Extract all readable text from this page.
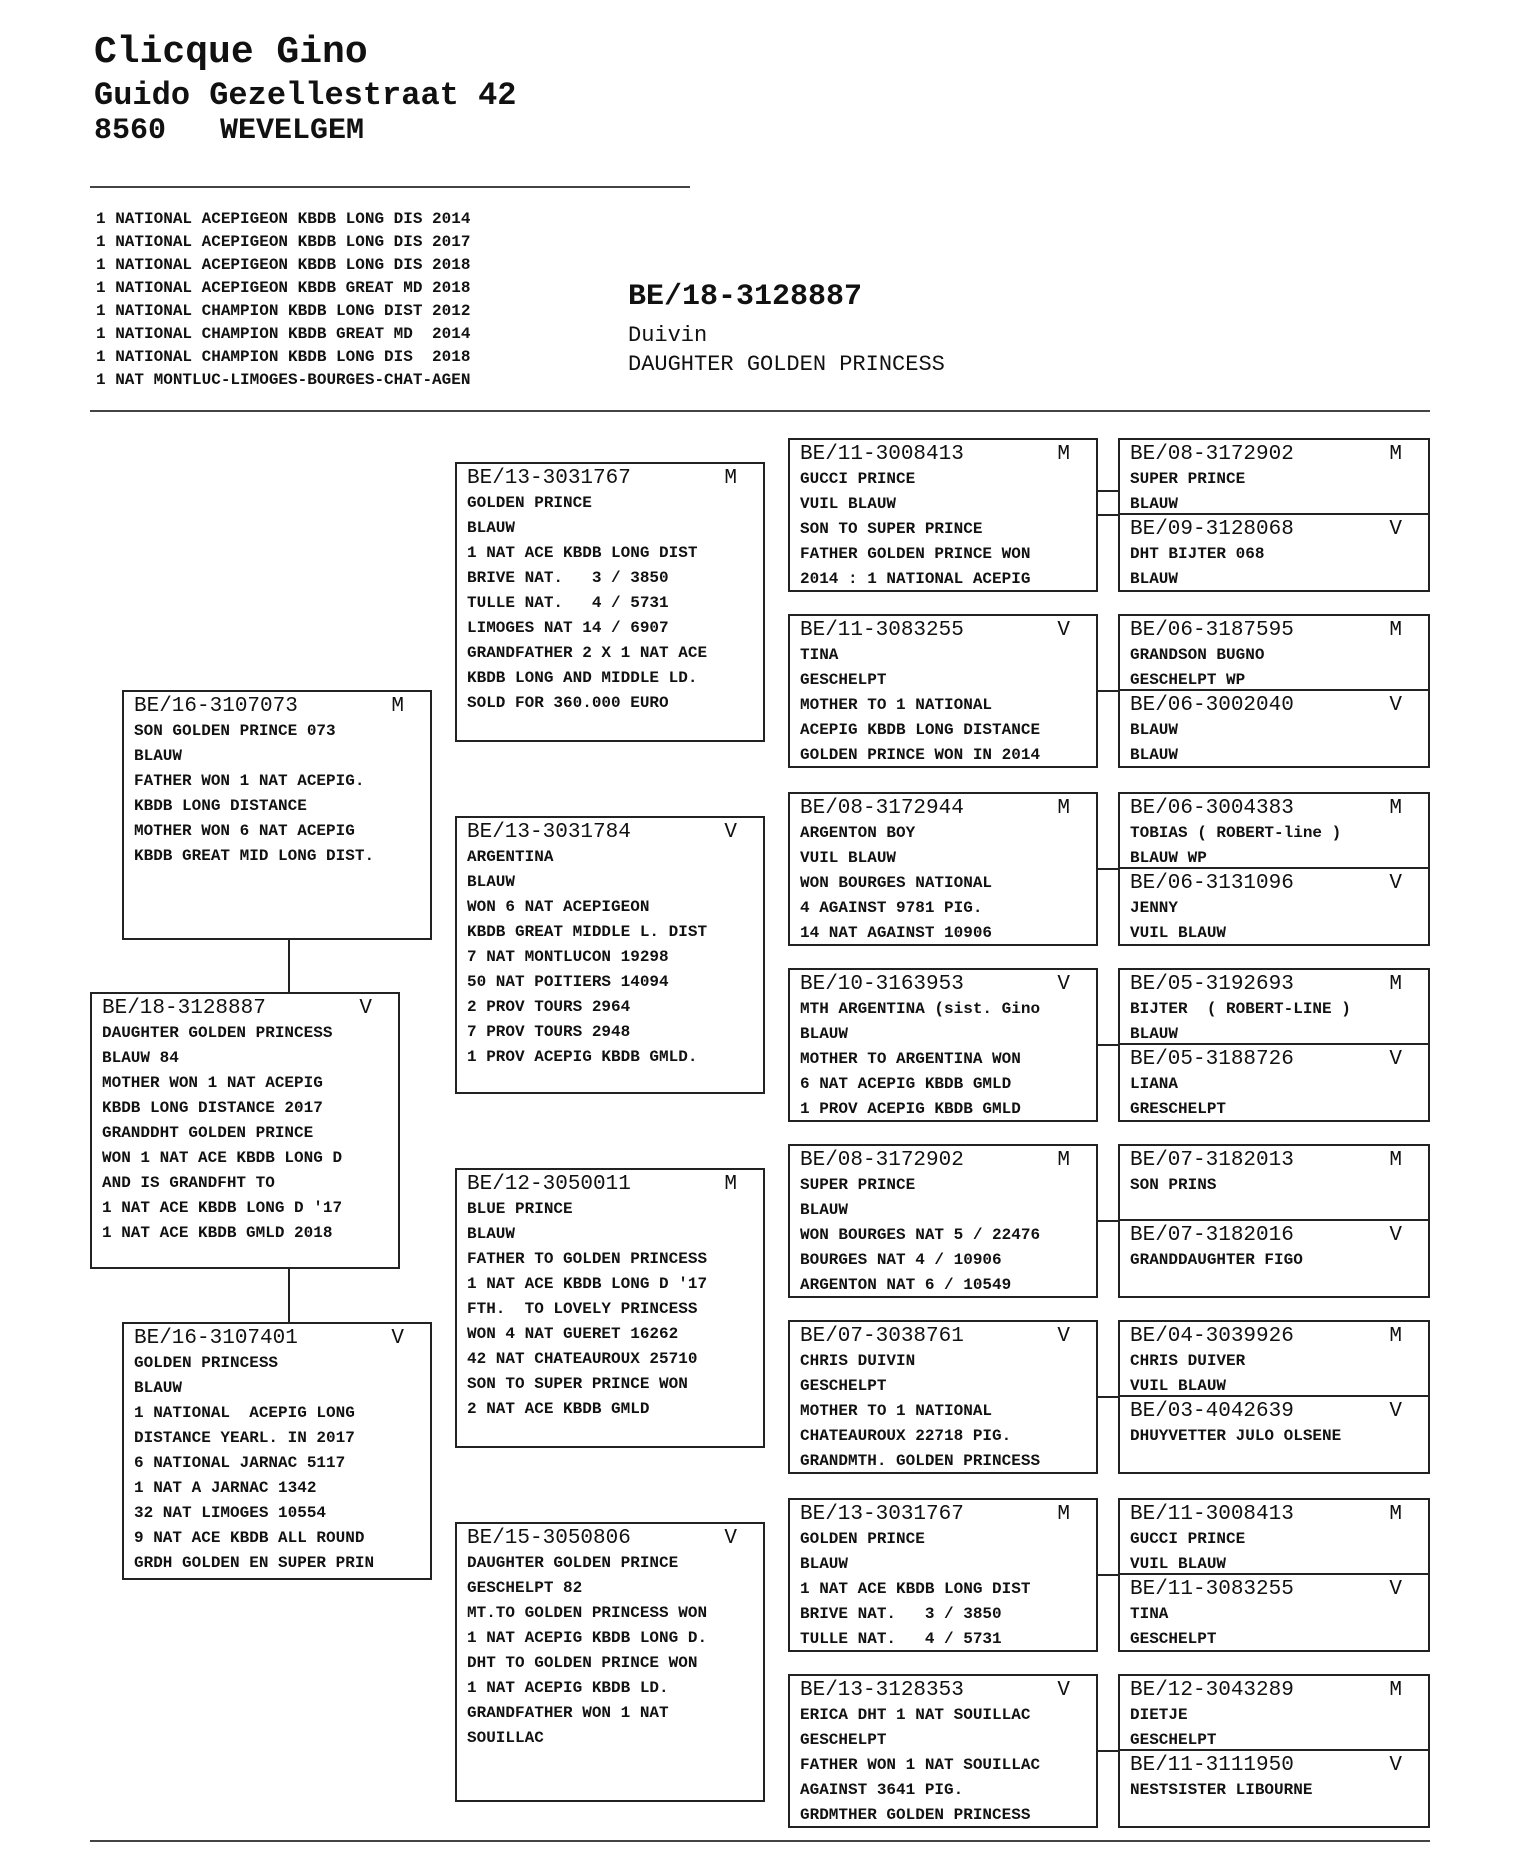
Clicque Gino
Guido Gezellestraat 42
8560   WEVELGEM
1 NATIONAL ACEPIGEON KBDB LONG DIS 2014
1 NATIONAL ACEPIGEON KBDB LONG DIS 2017
1 NATIONAL ACEPIGEON KBDB LONG DIS 2018
1 NATIONAL ACEPIGEON KBDB GREAT MD 2018
1 NATIONAL CHAMPION KBDB LONG DIST 2012
1 NATIONAL CHAMPION KBDB GREAT MD  2014
1 NATIONAL CHAMPION KBDB LONG DIS  2018
1 NAT MONTLUC-LIMOGES-BOURGES-CHAT-AGEN
BE/18-3128887
Duivin
DAUGHTER GOLDEN PRINCESS
BE/16-3107073	M
SON GOLDEN PRINCE 073
BLAUW
FATHER WON 1 NAT ACEPIG.
KBDB LONG DISTANCE
MOTHER WON 6 NAT ACEPIG
KBDB GREAT MID LONG DIST.
BE/18-3128887	V
DAUGHTER GOLDEN PRINCESS
BLAUW 84
MOTHER WON 1 NAT ACEPIG
KBDB LONG DISTANCE 2017
GRANDDHT GOLDEN PRINCE
WON 1 NAT ACE KBDB LONG D
AND IS GRANDFHT TO
1 NAT ACE KBDB LONG D '17
1 NAT ACE KBDB GMLD 2018
BE/16-3107401	V
GOLDEN PRINCESS
BLAUW
1 NATIONAL  ACEPIG LONG
DISTANCE YEARL. IN 2017
6 NATIONAL JARNAC 5117
1 NAT A JARNAC 1342
32 NAT LIMOGES 10554
9 NAT ACE KBDB ALL ROUND
GRDH GOLDEN EN SUPER PRIN
BE/13-3031767	M
GOLDEN PRINCE
BLAUW
1 NAT ACE KBDB LONG DIST
BRIVE NAT.   3 / 3850
TULLE NAT.   4 / 5731
LIMOGES NAT 14 / 6907
GRANDFATHER 2 X 1 NAT ACE
KBDB LONG AND MIDDLE LD.
SOLD FOR 360.000 EURO
BE/13-3031784	V
ARGENTINA
BLAUW
WON 6 NAT ACEPIGEON
KBDB GREAT MIDDLE L. DIST
7 NAT MONTLUCON 19298
50 NAT POITIERS 14094
2 PROV TOURS 2964
7 PROV TOURS 2948
1 PROV ACEPIG KBDB GMLD.
BE/12-3050011	M
BLUE PRINCE
BLAUW
FATHER TO GOLDEN PRINCESS
1 NAT ACE KBDB LONG D '17
FTH.  TO LOVELY PRINCESS
WON 4 NAT GUERET 16262
42 NAT CHATEAUROUX 25710
SON TO SUPER PRINCE WON
2 NAT ACE KBDB GMLD
BE/15-3050806	V
DAUGHTER GOLDEN PRINCE
GESCHELPT 82
MT.TO GOLDEN PRINCESS WON
1 NAT ACEPIG KBDB LONG D.
DHT TO GOLDEN PRINCE WON
1 NAT ACEPIG KBDB LD.
GRANDFATHER WON 1 NAT
SOUILLAC
BE/11-3008413	M
GUCCI PRINCE
VUIL BLAUW
SON TO SUPER PRINCE
FATHER GOLDEN PRINCE WON
2014 : 1 NATIONAL ACEPIG
BE/11-3083255	V
TINA
GESCHELPT
MOTHER TO 1 NATIONAL
ACEPIG KBDB LONG DISTANCE
GOLDEN PRINCE WON IN 2014
BE/08-3172944	M
ARGENTON BOY
VUIL BLAUW
WON BOURGES NATIONAL
4 AGAINST 9781 PIG.
14 NAT AGAINST 10906
BE/10-3163953	V
MTH ARGENTINA (sist. Gino
BLAUW
MOTHER TO ARGENTINA WON
6 NAT ACEPIG KBDB GMLD
1 PROV ACEPIG KBDB GMLD
BE/08-3172902	M
SUPER PRINCE
BLAUW
WON BOURGES NAT 5 / 22476
BOURGES NAT 4 / 10906
ARGENTON NAT 6 / 10549
BE/07-3038761	V
CHRIS DUIVIN
GESCHELPT
MOTHER TO 1 NATIONAL
CHATEAUROUX 22718 PIG.
GRANDMTH. GOLDEN PRINCESS
BE/13-3031767	M
GOLDEN PRINCE
BLAUW
1 NAT ACE KBDB LONG DIST
BRIVE NAT.   3 / 3850
TULLE NAT.   4 / 5731
BE/13-3128353	V
ERICA DHT 1 NAT SOUILLAC
GESCHELPT
FATHER WON 1 NAT SOUILLAC
AGAINST 3641 PIG.
GRDMTHER GOLDEN PRINCESS
BE/08-3172902	M
SUPER PRINCE
BLAUW
BE/09-3128068	V
DHT BIJTER 068
BLAUW
BE/06-3187595	M
GRANDSON BUGNO
GESCHELPT WP
BE/06-3002040	V
BLAUW
BLAUW
BE/06-3004383	M
TOBIAS ( ROBERT-line )
BLAUW WP
BE/06-3131096	V
JENNY
VUIL BLAUW
BE/05-3192693	M
BIJTER  ( ROBERT-LINE )
BLAUW
BE/05-3188726	V
LIANA
GRESCHELPT
BE/07-3182013	M
SON PRINS
BE/07-3182016	V
GRANDDAUGHTER FIGO
BE/04-3039926	M
CHRIS DUIVER
VUIL BLAUW
BE/03-4042639	V
DHUYVETTER JULO OLSENE
BE/11-3008413	M
GUCCI PRINCE
VUIL BLAUW
BE/11-3083255	V
TINA
GESCHELPT
BE/12-3043289	M
DIETJE
GESCHELPT
BE/11-3111950	V
NESTSISTER LIBOURNE
